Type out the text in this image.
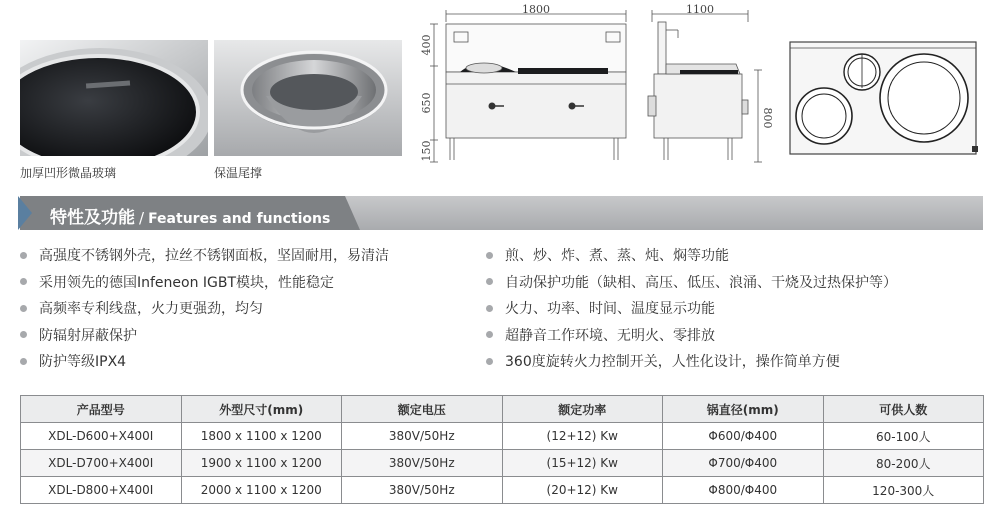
加厚凹形微晶玻璃	保温尾撑
1800
400
650
150
1100
800
特性及功能 / Features and functions
高强度不锈钢外壳，拉丝不锈钢面板，坚固耐用，易清洁
采用领先的德国Infeneon IGBT模块，性能稳定
高频率专利线盘，火力更强劲，均匀
防辐射屏蔽保护
防护等级IPX4
煎、炒、炸、煮、蒸、炖、焖等功能
自动保护功能（缺相、高压、低压、浪涌、干烧及过热保护等）
火力、功率、时间、温度显示功能
超静音工作环境、无明火、零排放
360度旋转火力控制开关，人性化设计，操作简单方便
产品型号	外型尺寸(mm)	额定电压	额定功率	锅直径(mm)	可供人数
XDL-D600+X400I	1800 x 1100 x 1200	380V/50Hz	(12+12) Kw	Φ600/Φ400	60-100人
XDL-D700+X400I	1900 x 1100 x 1200	380V/50Hz	(15+12) Kw	Φ700/Φ400	80-200人
XDL-D800+X400I	2000 x 1100 x 1200	380V/50Hz	(20+12) Kw	Φ800/Φ400	120-300人
